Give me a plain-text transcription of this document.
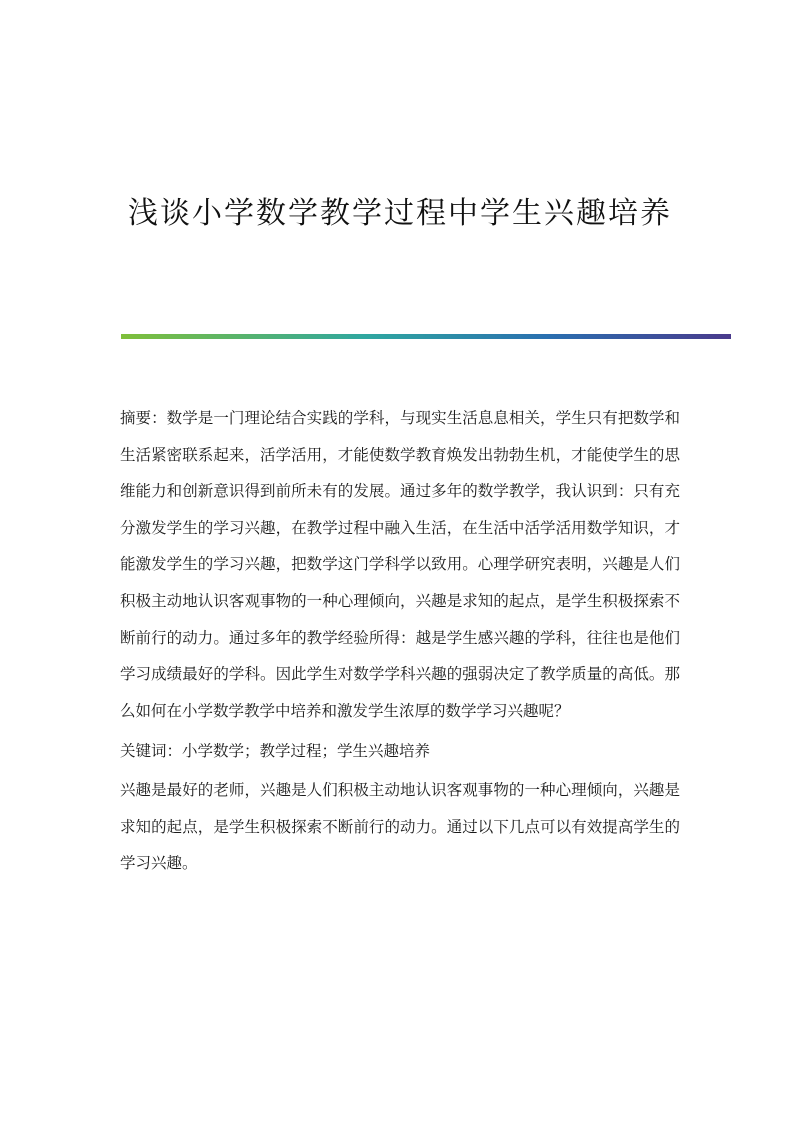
浅谈小学数学教学过程中学生兴趣培养

摘要：数学是一门理论结合实践的学科，与现实生活息息相关，学生只有把数学和生活紧密联系起来，活学活用，才能使数学教育焕发出勃勃生机，才能使学生的思维能力和创新意识得到前所未有的发展。通过多年的数学教学，我认识到：只有充分激发学生的学习兴趣，在教学过程中融入生活，在生活中活学活用数学知识，才能激发学生的学习兴趣，把数学这门学科学以致用。心理学研究表明，兴趣是人们积极主动地认识客观事物的一种心理倾向，兴趣是求知的起点，是学生积极探索不断前行的动力。通过多年的教学经验所得：越是学生感兴趣的学科，往往也是他们学习成绩最好的学科。因此学生对数学学科兴趣的强弱决定了教学质量的高低。那么如何在小学数学教学中培养和激发学生浓厚的数学学习兴趣呢？

关键词：小学数学；教学过程；学生兴趣培养

兴趣是最好的老师，兴趣是人们积极主动地认识客观事物的一种心理倾向，兴趣是求知的起点，是学生积极探索不断前行的动力。通过以下几点可以有效提高学生的学习兴趣。
